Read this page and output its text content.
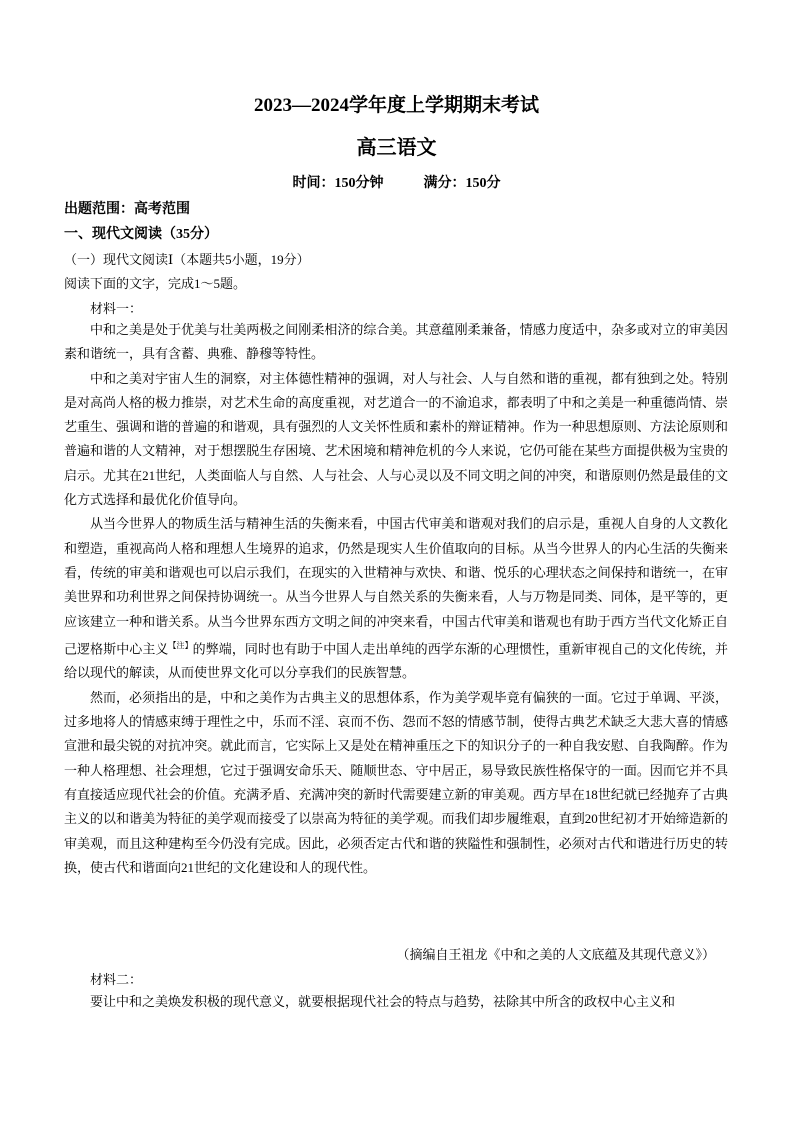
2023—2024学年度上学期期末考试
高三语文
时间：150分钟	满分：150分
出题范围：高考范围
一、现代文阅读（35分）
（一）现代文阅读Ⅰ（本题共5小题，19分）
阅读下面的文字，完成1～5题。
材料一：

中和之美是处于优美与壮美两极之间刚柔相济的综合美。其意蕴刚柔兼备，情感力度适中，杂多或对立的审美因素和谐统一，具有含蓄、典雅、静穆等特性。

中和之美对宇宙人生的洞察，对主体德性精神的强调，对人与社会、人与自然和谐的重视，都有独到之处。特别是对高尚人格的极力推崇，对艺术生命的高度重视，对艺道合一的不渝追求，都表明了中和之美是一种重德尚情、崇艺重生、强调和谐的普遍的和谐观，具有强烈的人文关怀性质和素朴的辩证精神。作为一种思想原则、方法论原则和普遍和谐的人文精神，对于想摆脱生存困境、艺术困境和精神危机的今人来说，它仍可能在某些方面提供极为宝贵的启示。尤其在21世纪，人类面临人与自然、人与社会、人与心灵以及不同文明之间的冲突，和谐原则仍然是最佳的文化方式选择和最优化价值导向。

从当今世界人的物质生活与精神生活的失衡来看，中国古代审美和谐观对我们的启示是，重视人自身的人文教化和塑造，重视高尚人格和理想人生境界的追求，仍然是现实人生价值取向的目标。从当今世界人的内心生活的失衡来看，传统的审美和谐观也可以启示我们，在现实的入世精神与欢快、和谐、悦乐的心理状态之间保持和谐统一，在审美世界和功利世界之间保持协调统一。从当今世界人与自然关系的失衡来看，人与万物是同类、同体，是平等的，更应该建立一种和谐关系。从当今世界东西方文明之间的冲突来看，中国古代审美和谐观也有助于西方当代文化矫正自己逻格斯中心主义$^{【注】}$的弊端，同时也有助于中国人走出单纯的西学东渐的心理惯性，重新审视自己的文化传统，并给以现代的解读，从而使世界文化可以分享我们的民族智慧。

然而，必须指出的是，中和之美作为古典主义的思想体系，作为美学观毕竟有偏狭的一面。它过于单调、平淡，过多地将人的情感束缚于理性之中，乐而不淫、哀而不伤、怨而不怒的情感节制，使得古典艺术缺乏大悲大喜的情感宣泄和最尖锐的对抗冲突。就此而言，它实际上又是处在精神重压之下的知识分子的一种自我安慰、自我陶醉。作为一种人格理想、社会理想，它过于强调安命乐天、随顺世态、守中居正，易导致民族性格保守的一面。因而它并不具有直接适应现代社会的价值。充满矛盾、充满冲突的新时代需要建立新的审美观。西方早在18世纪就已经抛弃了古典主义的以和谐美为特征的美学观而接受了以崇高为特征的美学观。而我们却步履维艰，直到20世纪初才开始缔造新的审美观，而且这种建构至今仍没有完成。因此，必须否定古代和谐的狭隘性和强制性，必须对古代和谐进行历史的转换，使古代和谐面向21世纪的文化建设和人的现代性。

（摘编自王祖龙《中和之美的人文底蕴及其现代意义》）
材料二：

要让中和之美焕发积极的现代意义，就要根据现代社会的特点与趋势，祛除其中所含的政权中心主义和
